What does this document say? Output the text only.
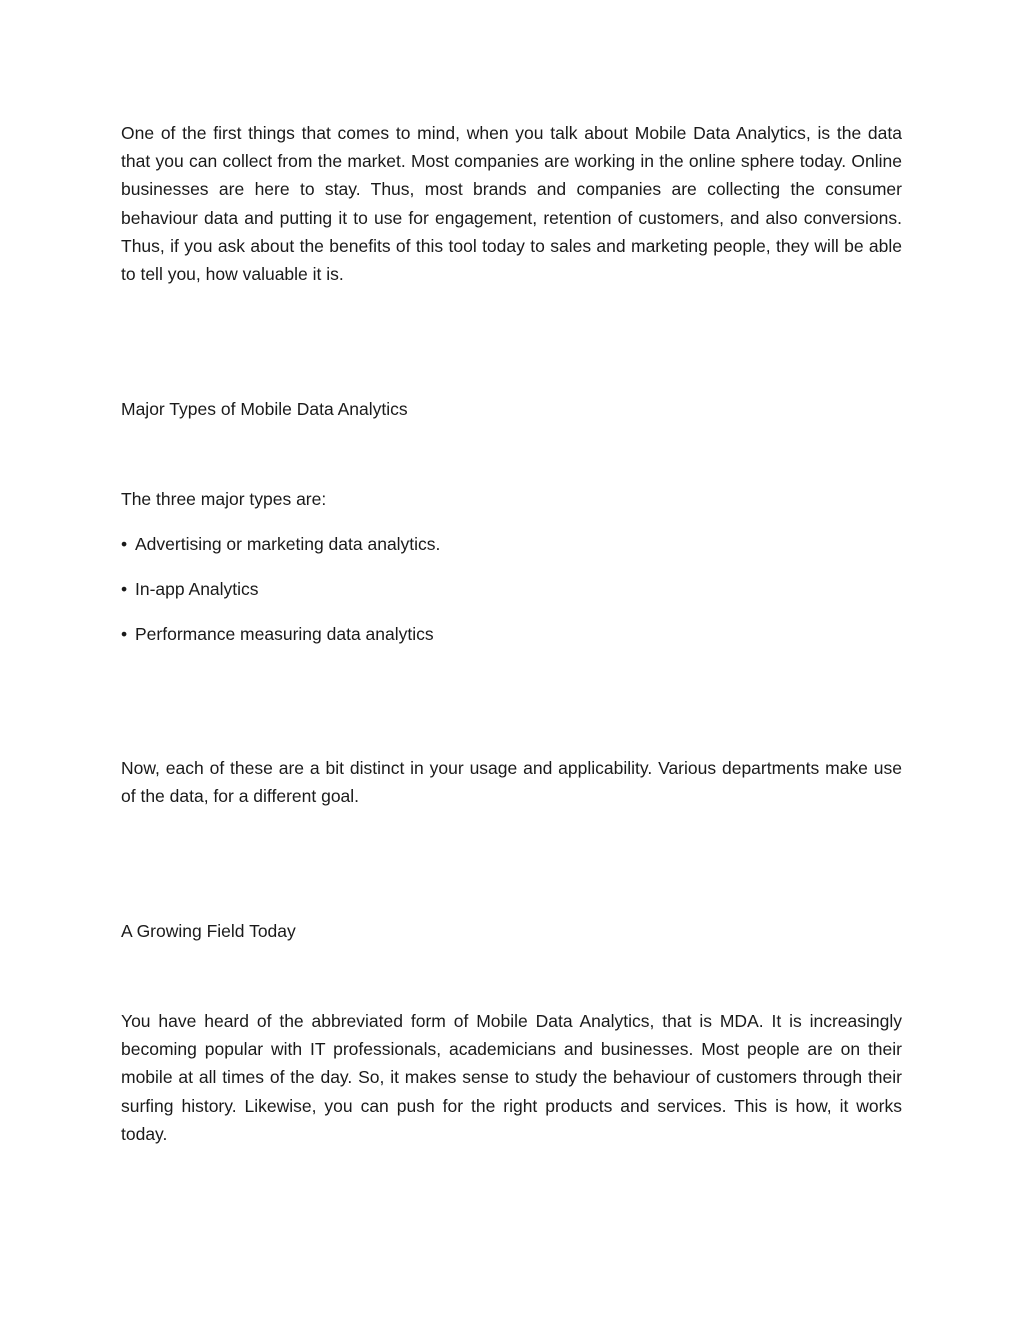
One of the first things that comes to mind, when you talk about Mobile Data Analytics, is the data that you can collect from the market. Most companies are working in the online sphere today. Online businesses are here to stay. Thus, most brands and companies are collecting the consumer behaviour data and putting it to use for engagement, retention of customers, and also conversions. Thus, if you ask about the benefits of this tool today to sales and marketing people, they will be able to tell you, how valuable it is.

Major Types of Mobile Data Analytics

The three major types are:

• Advertising or marketing data analytics.
• In-app Analytics
• Performance measuring data analytics

Now, each of these are a bit distinct in your usage and applicability. Various departments make use of the data, for a different goal.

A Growing Field Today

You have heard of the abbreviated form of Mobile Data Analytics, that is MDA. It is increasingly becoming popular with IT professionals, academicians and businesses. Most people are on their mobile at all times of the day. So, it makes sense to study the behaviour of customers through their surfing history. Likewise, you can push for the right products and services. This is how, it works today.
